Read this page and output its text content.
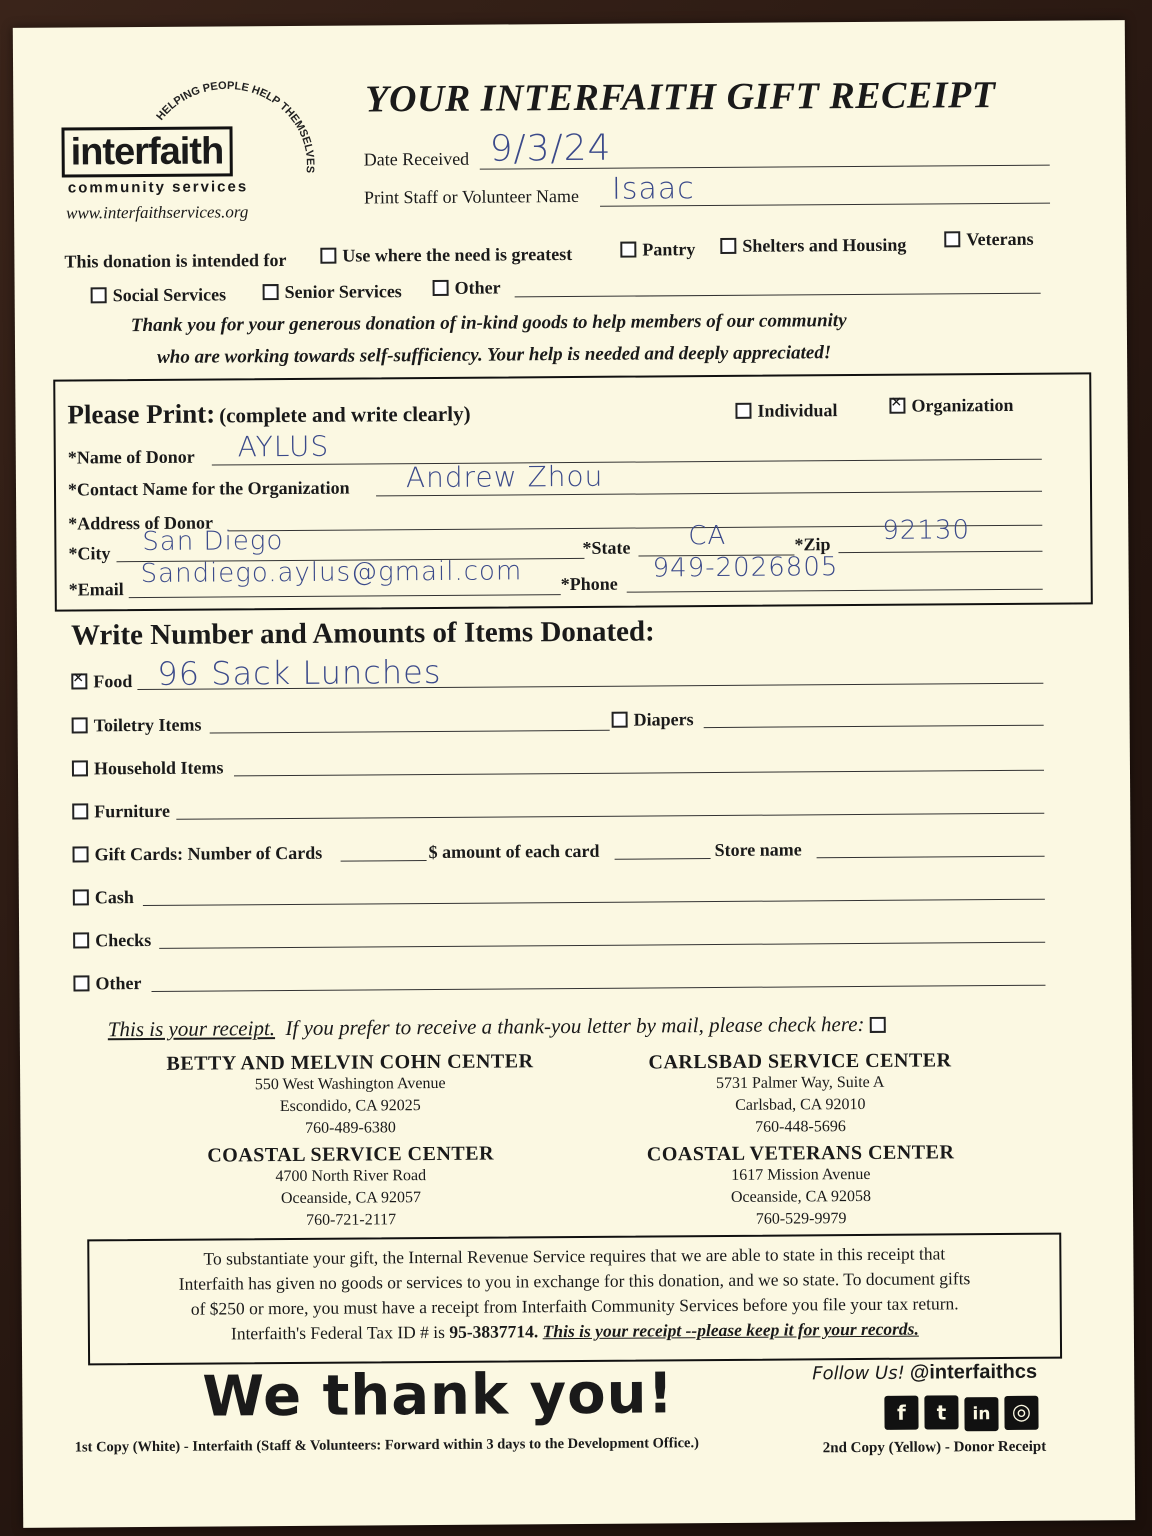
HELPING PEOPLE HELP THEMSELVES
interfaith
community services
www.interfaithservices.org
YOUR INTERFAITH GIFT RECEIPT
Date Received 9/3/24
Print Staff or Volunteer Name Isaac
This donation is intended for	Use where the need is greatest	Pantry	Shelters and Housing	Veterans
Social Services	Senior Services	Other
Thank you for your generous donation of in-kind goods to help members of our community
who are working towards self-sufficiency. Your help is needed and deeply appreciated!
Please Print: (complete and write clearly)	Individual
✕	Organization
*Name of Donor AYLUS
*Contact Name for the Organization Andrew Zhou
*Address of Donor
*City San Diego	*State CA	*Zip 92130
*Email
Sandiego.aylus@gmail.com *Phone
949-2026805
Write Number and Amounts of Items Donated:
✕Food 96 Sack Lunches
Toiletry Items	Diapers
Household Items
Furniture
Gift Cards: Number of Cards	$ amount of each card	Store name
Cash
Checks
Other
This is your receipt. If you prefer to receive a thank-you letter by mail, please check here:
BETTY AND MELVIN COHN CENTER
550 West Washington Avenue
Escondido, CA 92025
760-489-6380
CARLSBAD SERVICE CENTER
5731 Palmer Way, Suite A
Carlsbad, CA 92010
760-448-5696
COASTAL SERVICE CENTER
4700 North River Road
Oceanside, CA 92057
760-721-2117
COASTAL VETERANS CENTER
1617 Mission Avenue
Oceanside, CA 92058
760-529-9979
To substantiate your gift, the Internal Revenue Service requires that we are able to state in this receipt that
Interfaith has given no goods or services to you in exchange for this donation, and we so state. To document gifts
of $250 or more, you must have a receipt from Interfaith Community Services before you file your tax return.
Interfaith's Federal Tax ID # is 95-3837714. This is your receipt --please keep it for your records.
We thank you!	Follow Us! @interfaithcs
f t in ◎
1st Copy (White) - Interfaith (Staff & Volunteers: Forward within 3 days to the Development Office.)	2nd Copy (Yellow) - Donor Receipt
